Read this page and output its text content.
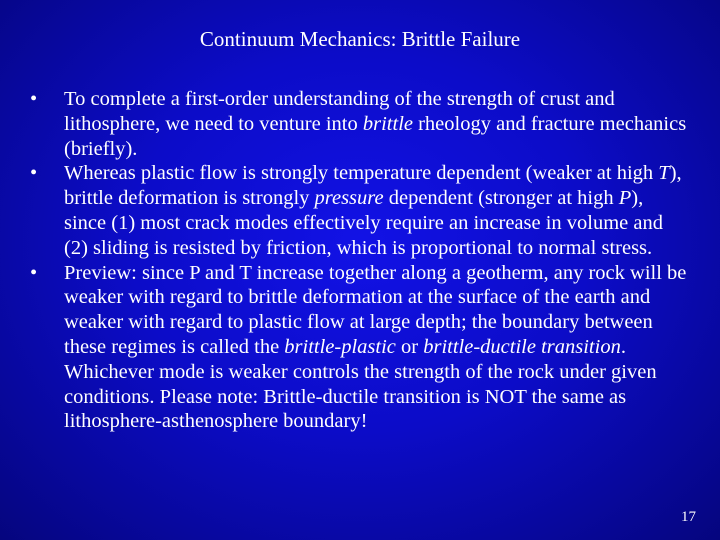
Continuum Mechanics: Brittle Failure
• To complete a first-order understanding of the strength of crust and lithosphere, we need to venture into brittle rheology and fracture mechanics (briefly).
• Whereas plastic flow is strongly temperature dependent (weaker at high T), brittle deformation is strongly pressure dependent (stronger at high P), since (1) most crack modes effectively require an increase in volume and (2) sliding is resisted by friction, which is proportional to normal stress.
• Preview: since P and T increase together along a geotherm, any rock will be weaker with regard to brittle deformation at the surface of the earth and weaker with regard to plastic flow at large depth; the boundary between these regimes is called the brittle-plastic or brittle-ductile transition. Whichever mode is weaker controls the strength of the rock under given conditions. Please note: Brittle-ductile transition is NOT the same as lithosphere-asthenosphere boundary!
17
